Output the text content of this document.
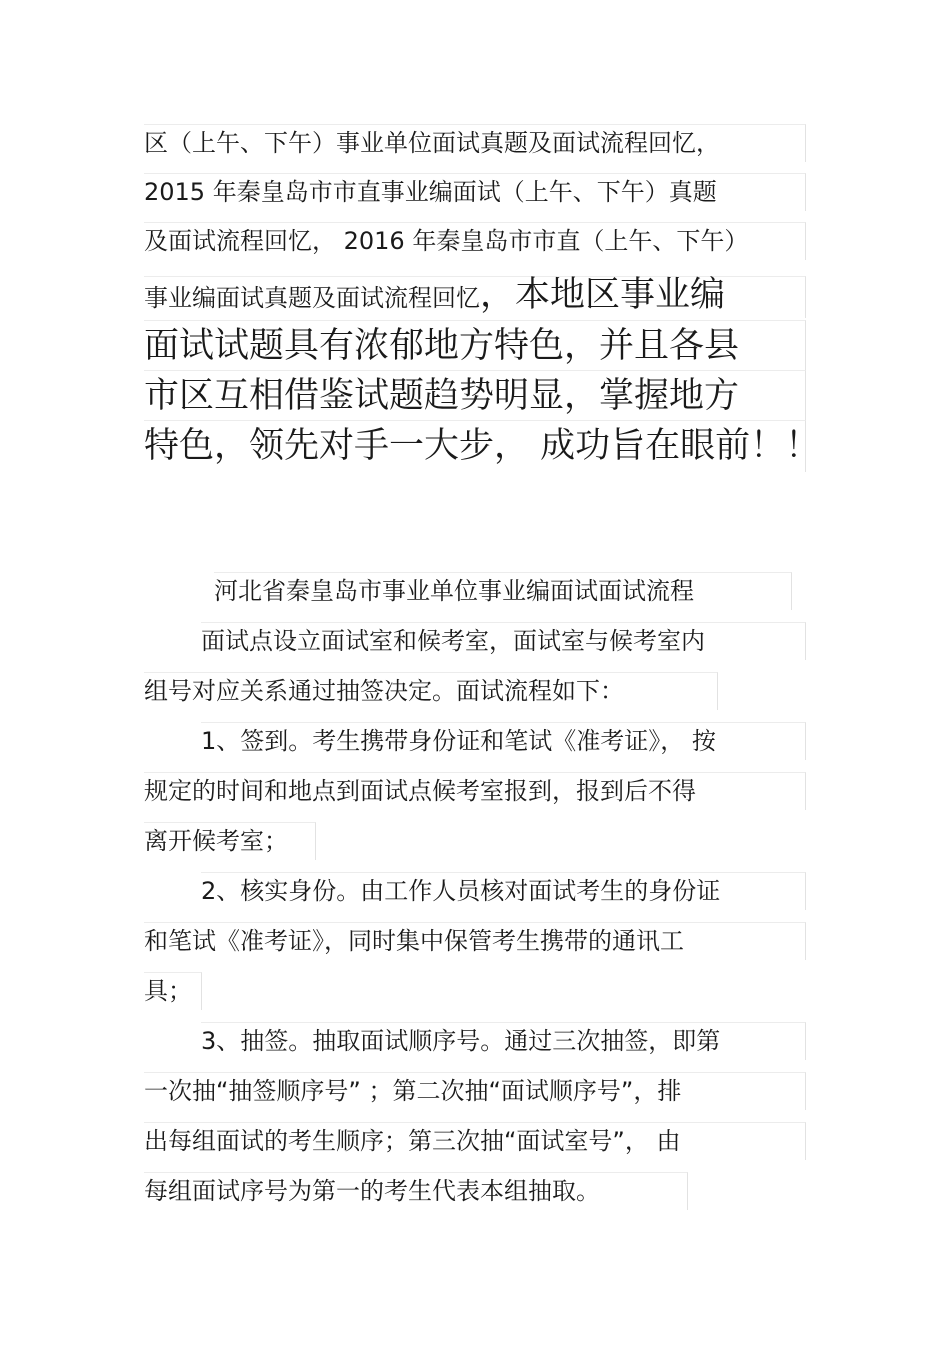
区（上午、下午）事业单位面试真题及面试流程回忆，
2015 年秦皇岛市市直事业编面试（上午、下午）真题
及面试流程回忆， 2016 年秦皇岛市市直（上午、下午）
事业编面试真题及面试流程回忆，本地区事业编
面试试题具有浓郁地方特色，并且各县
市区互相借鉴试题趋势明显，掌握地方
特色，领先对手一大步， 成功旨在眼前！！
河北省秦皇岛市事业单位事业编面试面试流程
面试点设立面试室和候考室，面试室与候考室内
组号对应关系通过抽签决定。面试流程如下：
1、签到。考生携带身份证和笔试《准考证》， 按
规定的时间和地点到面试点候考室报到，报到后不得
离开候考室；
2、核实身份。由工作人员核对面试考生的身份证
和笔试《准考证》，同时集中保管考生携带的通讯工
具；
3、抽签。抽取面试顺序号。通过三次抽签，即第
一次抽“抽签顺序号” ；第二次抽“面试顺序号”，排
出每组面试的考生顺序；第三次抽“面试室号”， 由
每组面试序号为第一的考生代表本组抽取。
